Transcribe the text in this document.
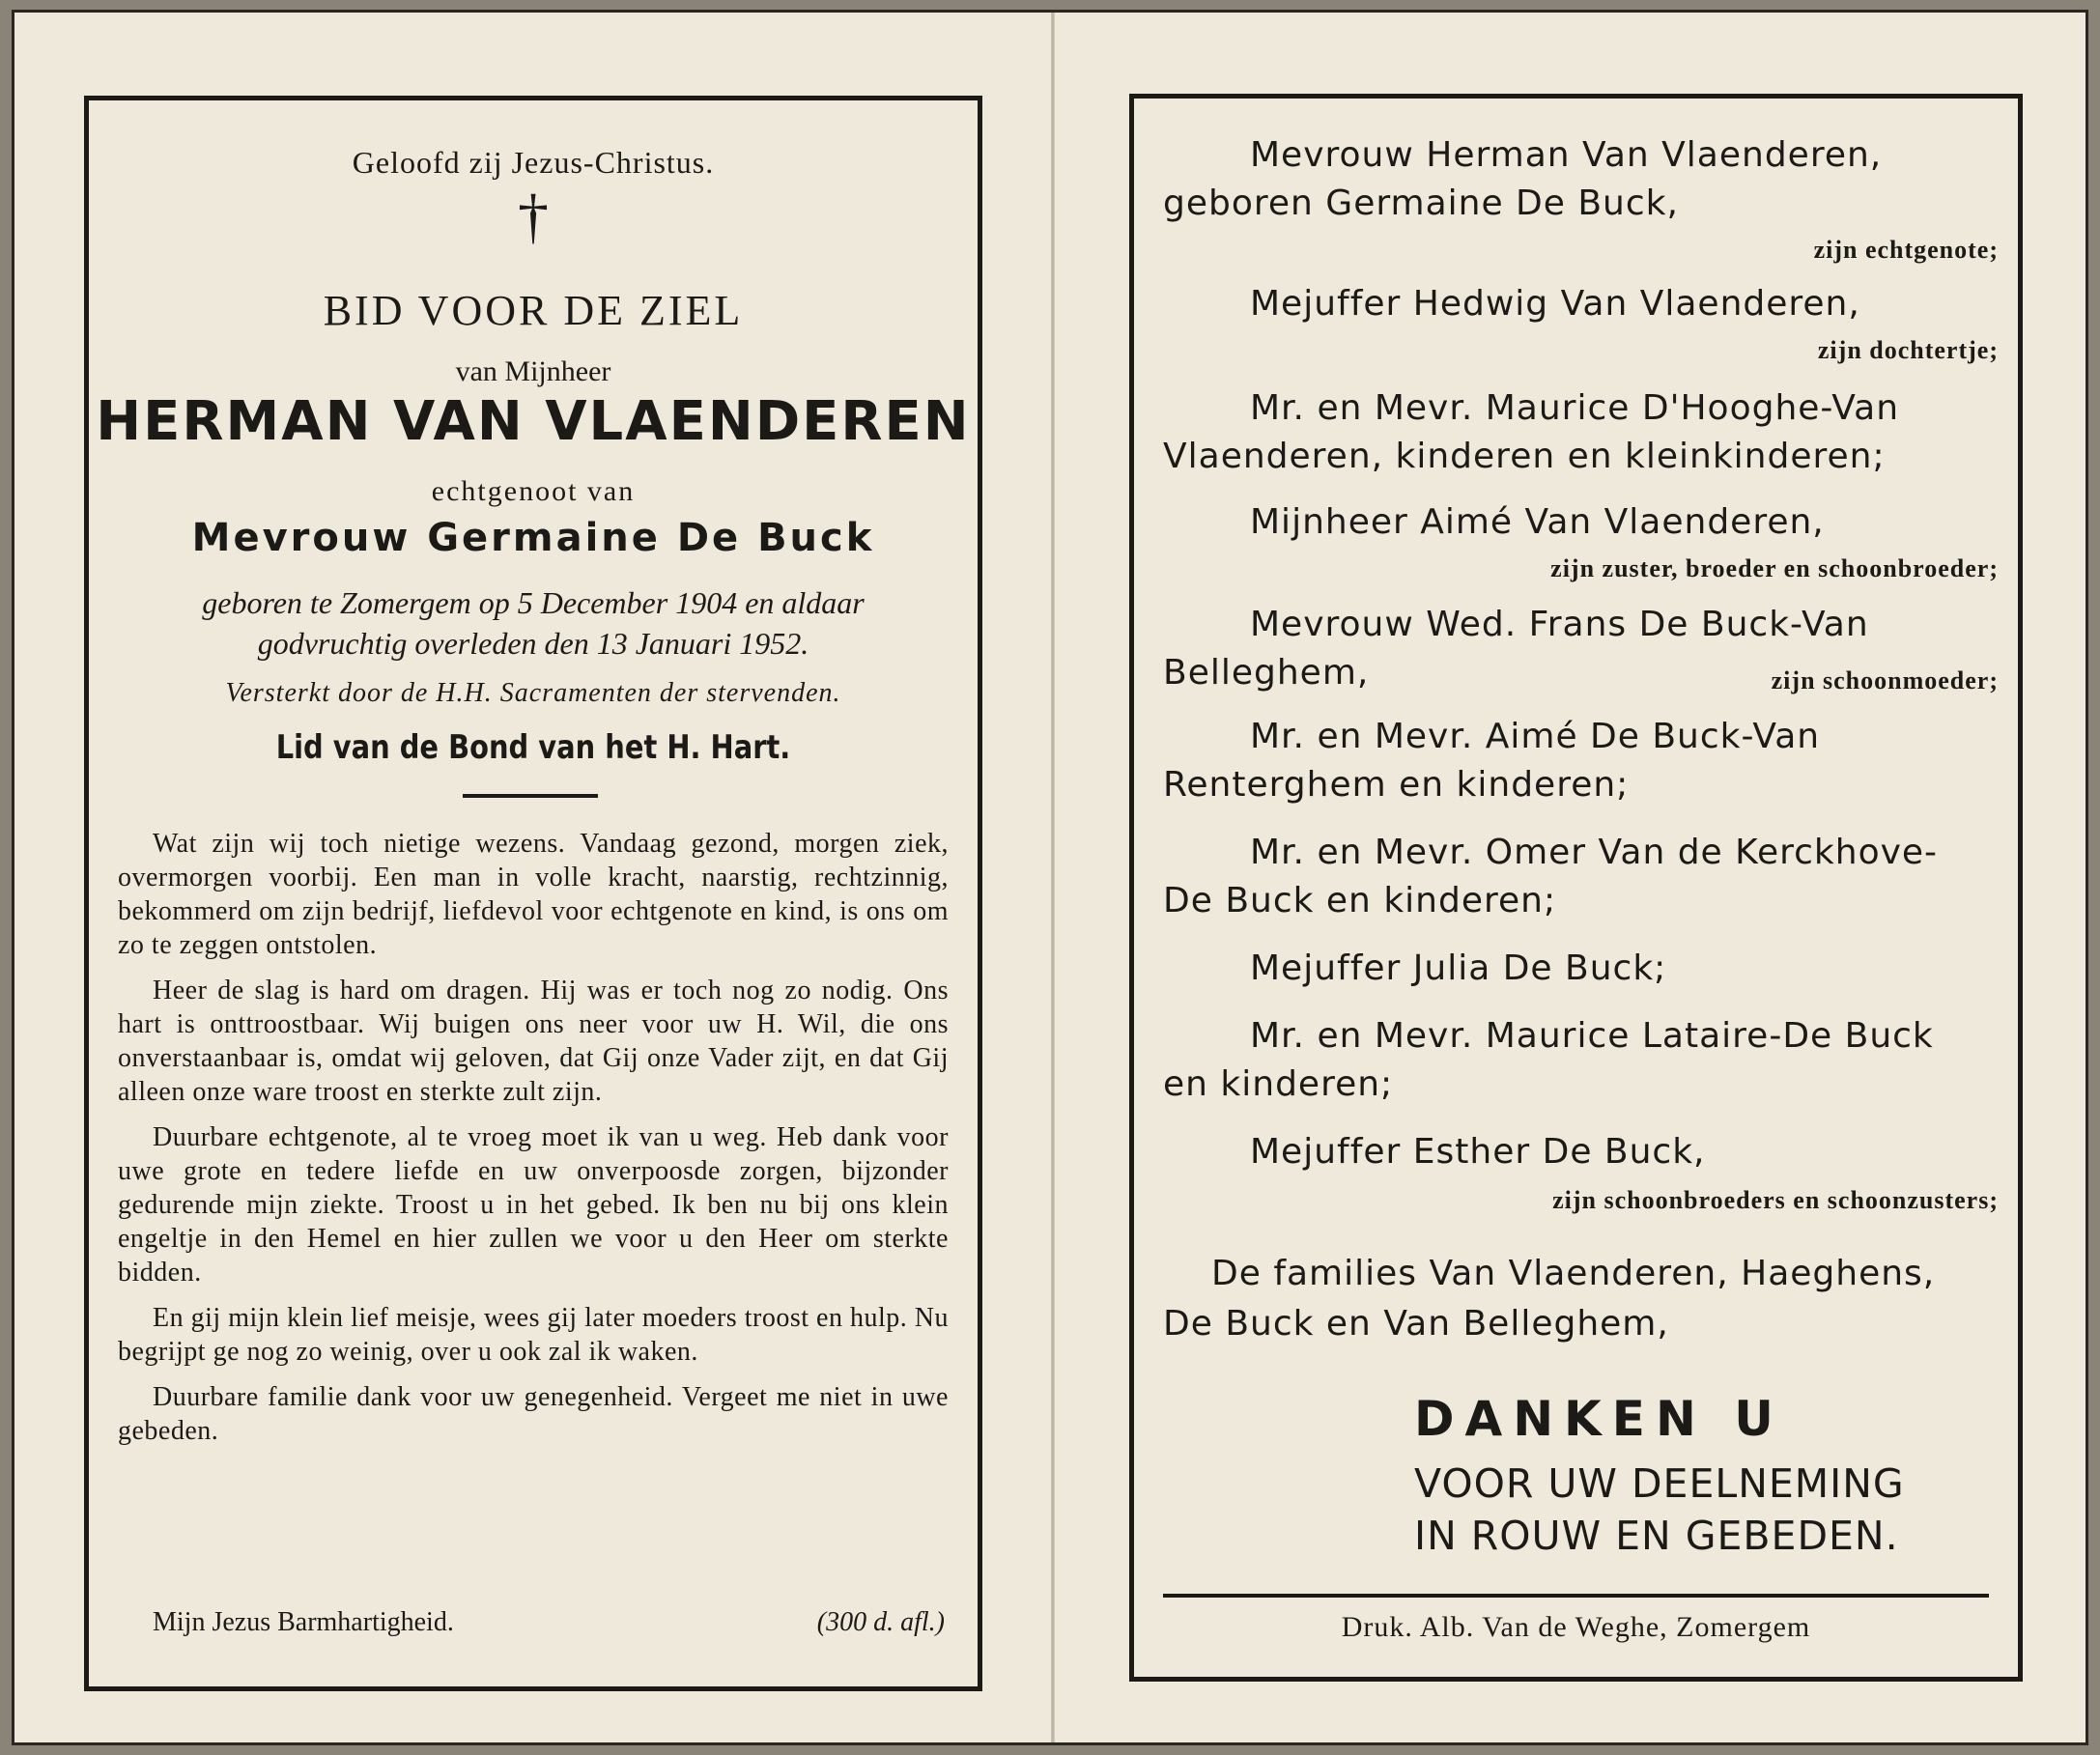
Geloofd zij Jezus-Christus.
†
BID VOOR DE ZIEL
van Mijnheer
HERMAN VAN VLAENDEREN
echtgenoot van
Mevrouw Germaine De Buck
geboren te Zomergem op 5 December 1904 en aldaar
godvruchtig overleden den 13 Januari 1952.
Versterkt door de H.H. Sacramenten der stervenden.
Lid van de Bond van het H. Hart.

Wat zijn wij toch nietige wezens. Vandaag gezond, morgen ziek, overmorgen voorbij. Een man in volle kracht, naarstig, rechtzinnig, bekommerd om zijn bedrijf, liefdevol voor echtgenote en kind, is ons om zo te zeggen ontstolen.

Heer de slag is hard om dragen. Hij was er toch nog zo nodig. Ons hart is onttroostbaar. Wij buigen ons neer voor uw H. Wil, die ons onverstaanbaar is, omdat wij geloven, dat Gij onze Vader zijt, en dat Gij alleen onze ware troost en sterkte zult zijn.

Duurbare echtgenote, al te vroeg moet ik van u weg. Heb dank voor uwe grote en tedere liefde en uw onverpoosde zorgen, bijzonder gedurende mijn ziekte. Troost u in het gebed. Ik ben nu bij ons klein engeltje in den Hemel en hier zullen we voor u den Heer om sterkte bidden.

En gij mijn klein lief meisje, wees gij later moeders troost en hulp. Nu begrijpt ge nog zo weinig, over u ook zal ik waken.

Duurbare familie dank voor uw genegenheid. Vergeet me niet in uwe gebeden.

Mijn Jezus Barmhartigheid.	(300 d. afl.)
Mevrouw Herman Van Vlaenderen,
geboren Germaine De Buck,
zijn echtgenote;
Mejuffer Hedwig Van Vlaenderen,
zijn dochtertje;
Mr. en Mevr. Maurice D'Hooghe-Van
Vlaenderen, kinderen en kleinkinderen;
Mijnheer Aimé Van Vlaenderen,
zijn zuster, broeder en schoonbroeder;
Mevrouw Wed. Frans De Buck-Van
Belleghem,	zijn schoonmoeder;
Mr. en Mevr. Aimé De Buck-Van
Renterghem en kinderen;
Mr. en Mevr. Omer Van de Kerckhove-
De Buck en kinderen;
Mejuffer Julia De Buck;
Mr. en Mevr. Maurice Lataire-De Buck
en kinderen;
Mejuffer Esther De Buck,
zijn schoonbroeders en schoonzusters;
De families Van Vlaenderen, Haeghens,
De Buck en Van Belleghem,
DANKEN U
VOOR UW DEELNEMING
IN ROUW EN GEBEDEN.
Druk. Alb. Van de Weghe, Zomergem
